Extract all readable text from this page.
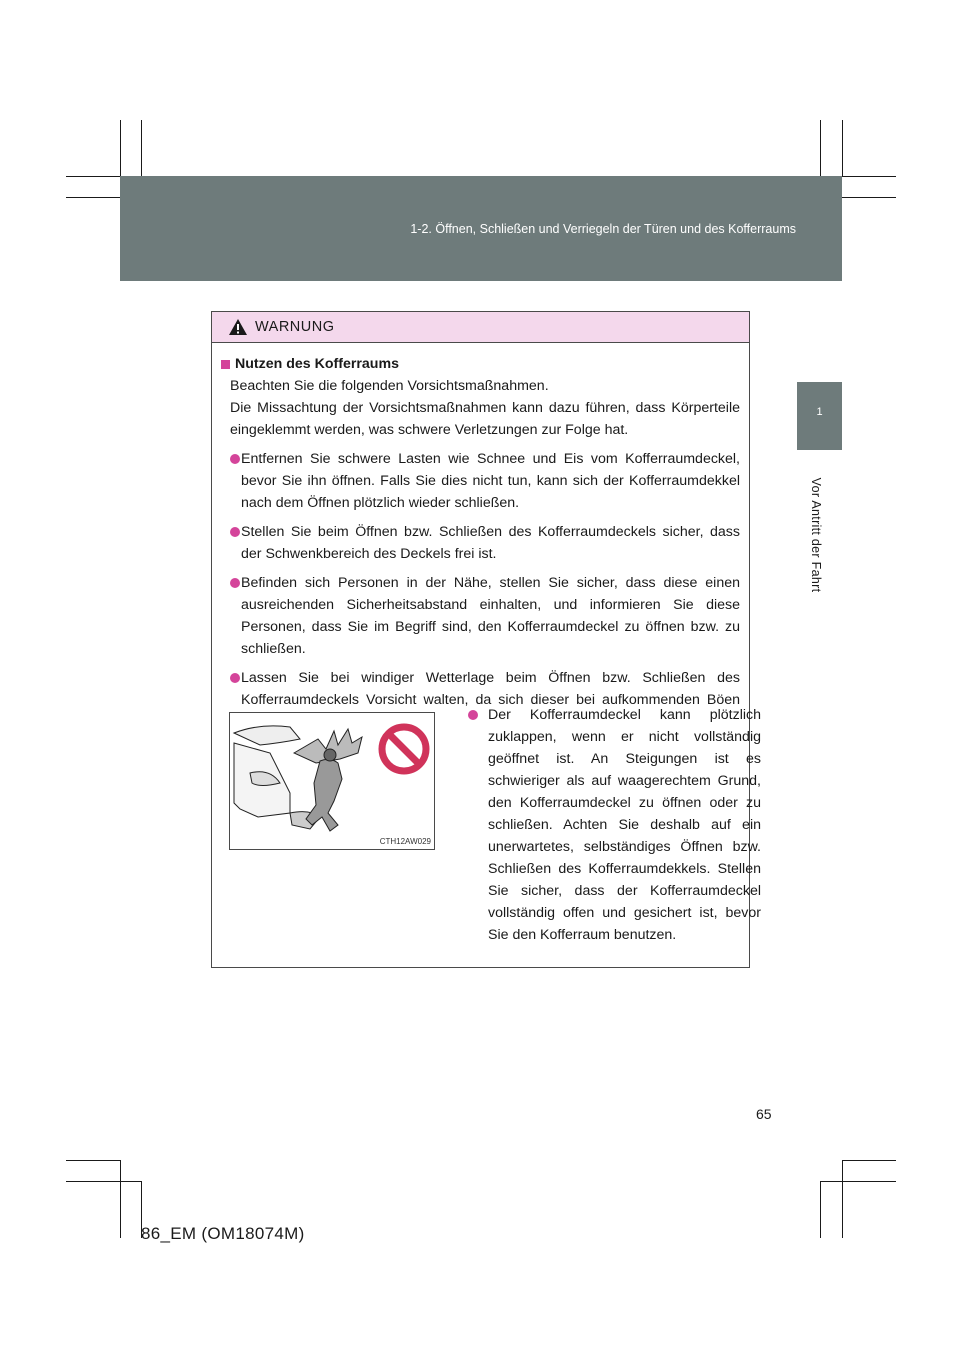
1-2. Öffnen, Schließen und Verriegeln der Türen und des Kofferraums
1
Vor Antritt der Fahrt
WARNUNG
Nutzen des Kofferraums

Beachten Sie die folgenden Vorsichtsmaßnahmen.

Die Missachtung der Vorsichtsmaßnahmen kann dazu führen, dass Körperteile eingeklemmt werden, was schwere Verletzungen zur Folge hat.

Entfernen Sie schwere Lasten wie Schnee und Eis vom Kofferraumdeckel, bevor Sie ihn öffnen. Falls Sie dies nicht tun, kann sich der Kofferraumdekkel nach dem Öffnen plötzlich wieder schließen.
Stellen Sie beim Öffnen bzw. Schließen des Kofferraumdeckels sicher, dass der Schwenkbereich des Deckels frei ist.
Befinden sich Personen in der Nähe, stellen Sie sicher, dass diese einen ausreichenden Sicherheitsabstand einhalten, und informieren Sie diese Personen, dass Sie im Begriff sind, den Kofferraumdeckel zu öffnen bzw. zu schließen.
Lassen Sie bei windiger Wetterlage beim Öffnen bzw. Schließen des Kofferraumdeckels Vorsicht walten, da sich dieser bei aufkommenden Böen
CTH12AW029
Der Kofferraumdeckel kann plötzlich zuklappen, wenn er nicht vollständig geöffnet ist. An Steigungen ist es schwieriger als auf waagerechtem Grund, den Kofferraumdeckel zu öffnen oder zu schließen. Achten Sie deshalb auf ein unerwartetes, selbständiges Öffnen bzw. Schließen des Kofferraumdekkels. Stellen Sie sicher, dass der Kofferraumdeckel vollständig offen und gesichert ist, bevor Sie den Kofferraum benutzen.
65
86_EM (OM18074M)
